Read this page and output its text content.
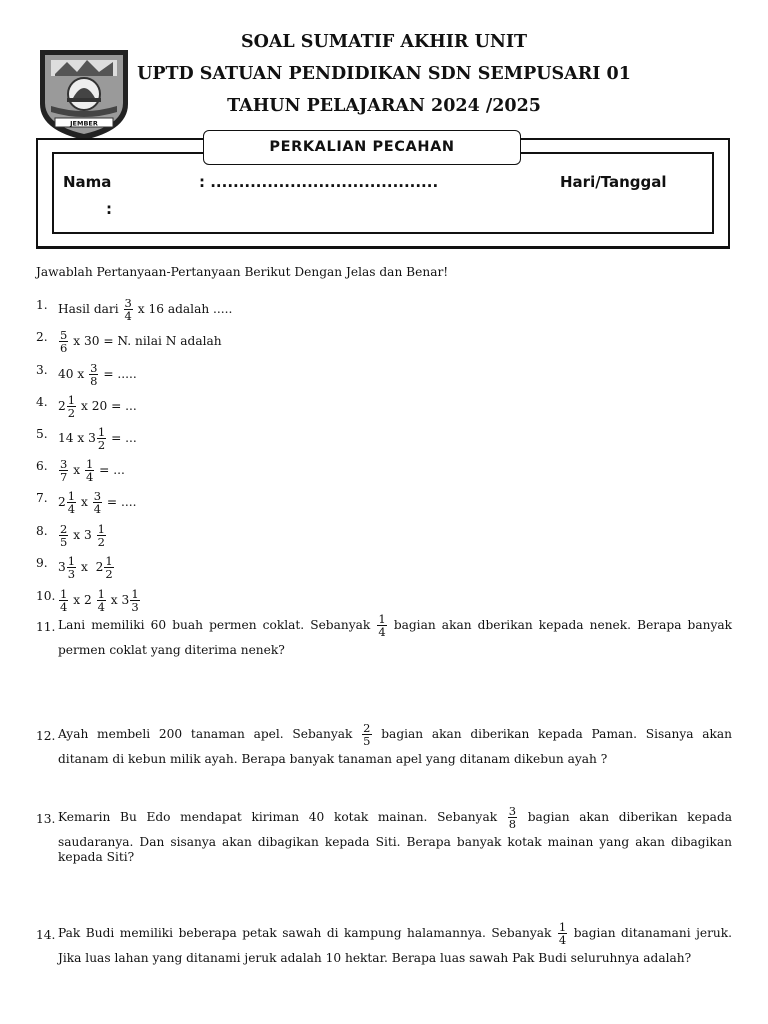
SOAL SUMATIF AKHIR UNIT
UPTD SATUAN PENDIDIKAN SDN SEMPUSARI 01
TAHUN PELAJARAN 2024 /2025
JEMBER
PERKALIAN PECAHAN
Nama	: ........................................	Hari/Tanggal
:
Jawablah Pertanyaan-Pertanyaan Berikut Dengan Jelas dan Benar!
1. Hasil dari $\frac{3}{4}$ x 16 adalah .....
2. $\frac{5}{6}$ x 30 = N. nilai N adalah
3. 40 x $\frac{3}{8}$ = .....
4. $2 \frac{1}{2}$ x 20 = ...
5. 14 x $3 \frac{1}{2}$ = ...
6. $\frac{3}{7}$ x $\frac{1}{4}$ = ...
7. $2 \frac{1}{4}$ x $\frac{3}{4}$ = ....
8. $\frac{2}{5}$ x $3 \frac{1}{2}$
9. $3 \frac{1}{3}$ x  $2 \frac{1}{2}$
10. $\frac{1}{4}$ x $2 \frac{1}{4}$ x $3 \frac{1}{3}$
11. Lani memiliki 60 buah permen coklat. Sebanyak $\frac{1}{4}$ bagian akan dberikan kepada nenek. Berapa banyak
permen coklat yang diterima nenek?
12. Ayah membeli 200 tanaman apel. Sebanyak $\frac{2}{5}$ bagian akan diberikan kepada Paman. Sisanya akan
ditanam di kebun milik ayah. Berapa banyak tanaman apel yang ditanam dikebun ayah ?
13. Kemarin Bu Edo mendapat kiriman 40 kotak mainan. Sebanyak $\frac{3}{8}$ bagian akan diberikan kepada
saudaranya. Dan sisanya akan dibagikan kepada Siti. Berapa banyak kotak mainan yang akan dibagikan
kepada Siti?
14. Pak Budi memiliki beberapa petak sawah di kampung halamannya. Sebanyak $\frac{1}{4}$ bagian ditanamani jeruk.
Jika luas lahan yang ditanami jeruk adalah 10 hektar. Berapa luas sawah Pak Budi seluruhnya adalah?
